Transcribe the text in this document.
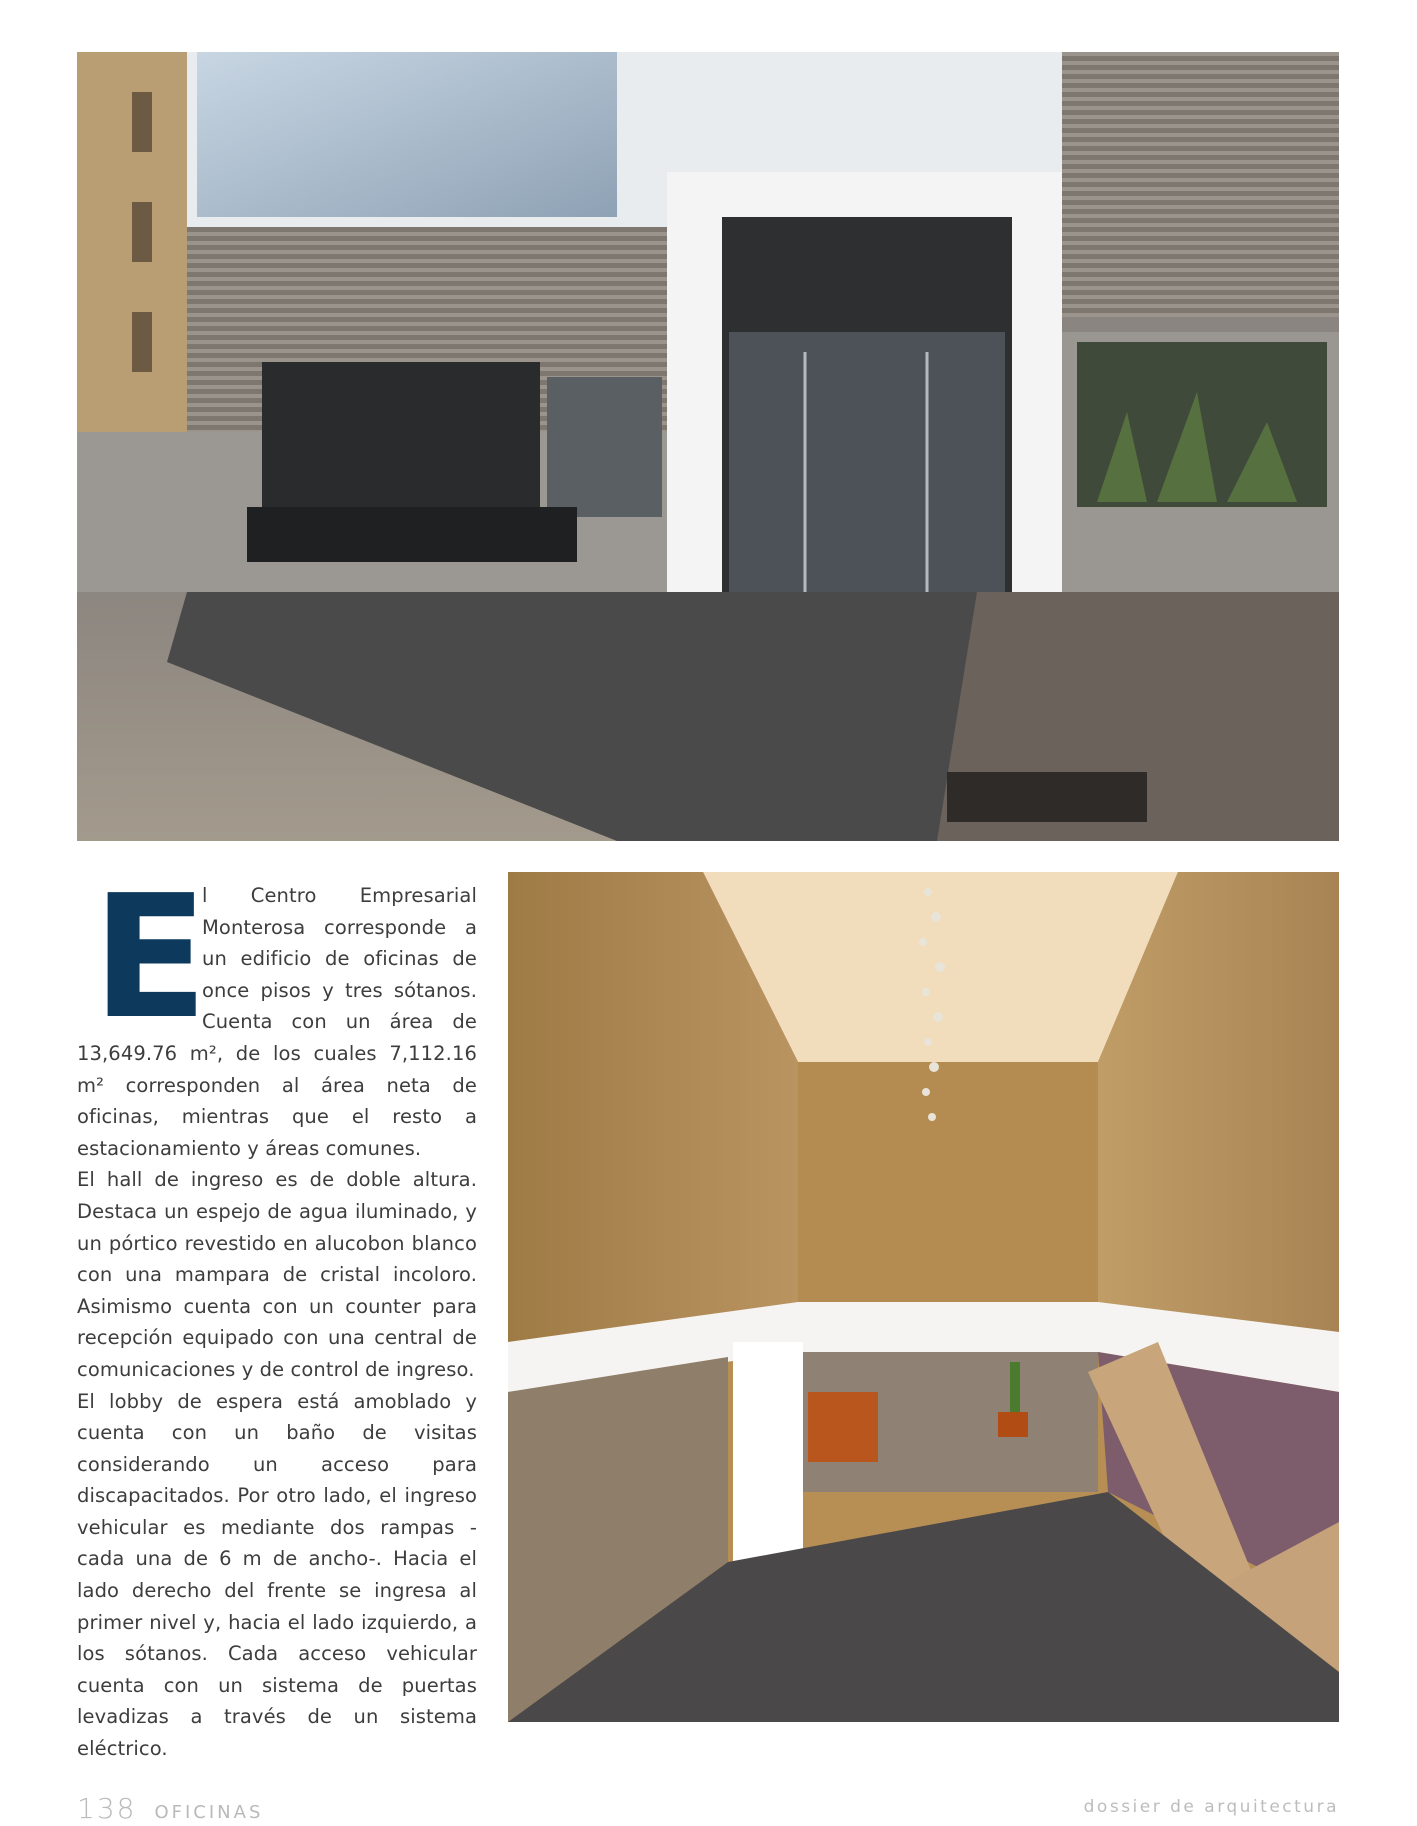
E

l Centro Empresarial Monterosa corresponde a un edificio de oficinas de once pisos y tres sótanos. Cuenta con un área de 13,649.76 m², de los cuales 7,112.16 m² corresponden al área neta de oficinas, mientras que el resto a estacionamiento y áreas comunes.

El hall de ingreso es de doble altura. Destaca un espejo de agua iluminado, y un pórtico revestido en alucobon blanco con una mampara de cristal incoloro. Asimismo cuenta con un counter para recepción equipado con una central de comunicaciones y de control de ingreso.

El lobby de espera está amoblado y cuenta con un baño de visitas considerando un acceso para discapacitados. Por otro lado, el ingreso vehicular es mediante dos rampas -cada una de 6 m de ancho-. Hacia el lado derecho del frente se ingresa al primer nivel y, hacia el lado izquierdo, a los sótanos. Cada acceso vehicular cuenta con un sistema de puertas levadizas a través de un sistema eléctrico.

138 OFICINAS	dossier de arquitectura
